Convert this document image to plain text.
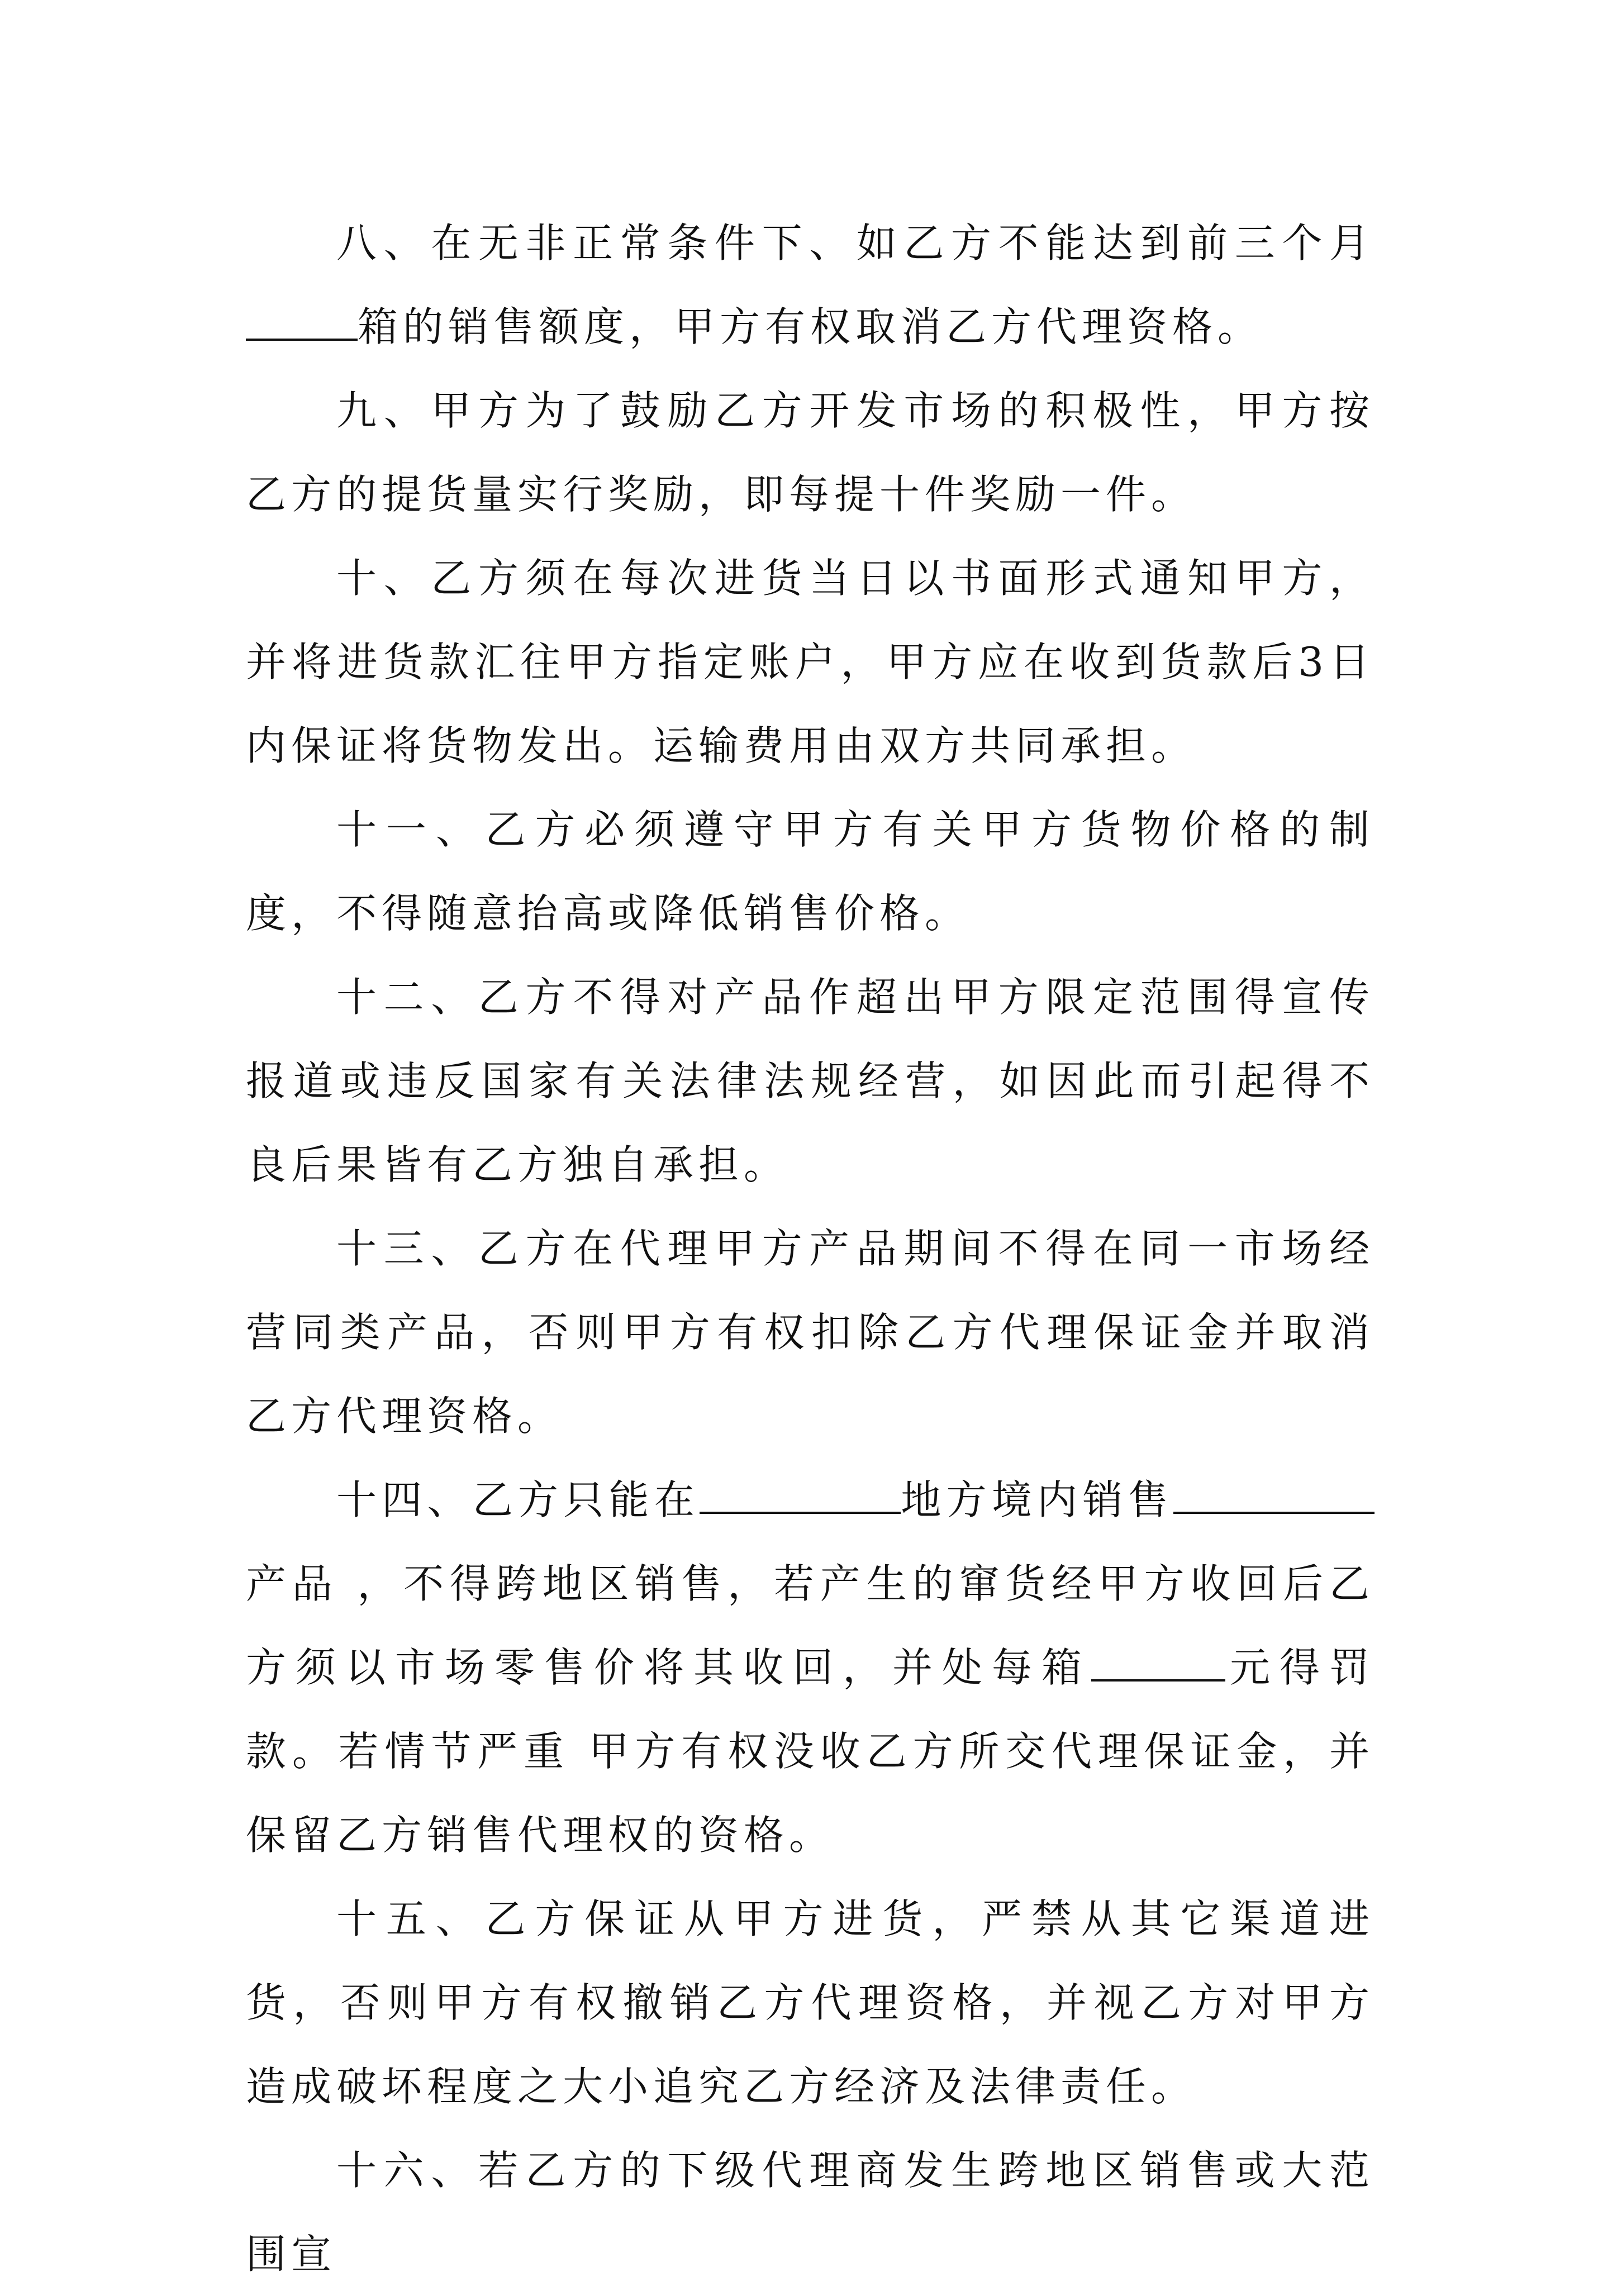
八、在无非正常条件下、如乙方不能达到前三个月箱的销售额度，甲方有权取消乙方代理资格。

九、甲方为了鼓励乙方开发市场的积极性，甲方按乙方的提货量实行奖励，即每提十件奖励一件。

十、乙方须在每次进货当日以书面形式通知甲方，并将进货款汇往甲方指定账户，甲方应在收到货款后3日内保证将货物发出。运输费用由双方共同承担。

十一、乙方必须遵守甲方有关甲方货物价格的制度，不得随意抬高或降低销售价格。

十二、乙方不得对产品作超出甲方限定范围得宣传报道或违反国家有关法律法规经营，如因此而引起得不良后果皆有乙方独自承担。

十三、乙方在代理甲方产品期间不得在同一市场经营同类产品，否则甲方有权扣除乙方代理保证金并取消乙方代理资格。

十四、乙方只能在	地方境内销售产品 ，不得跨地区销售，若产生的窜货经甲方收回后乙方须以市场零售价将其收回，并处每箱	元得罚款。若情节严重 甲方有权没收乙方所交代理保证金，并保留乙方销售代理权的资格。

十五、乙方保证从甲方进货，严禁从其它渠道进货，否则甲方有权撤销乙方代理资格，并视乙方对甲方造成破坏程度之大小追究乙方经济及法律责任。

十六、若乙方的下级代理商发生跨地区销售或大范围宣
